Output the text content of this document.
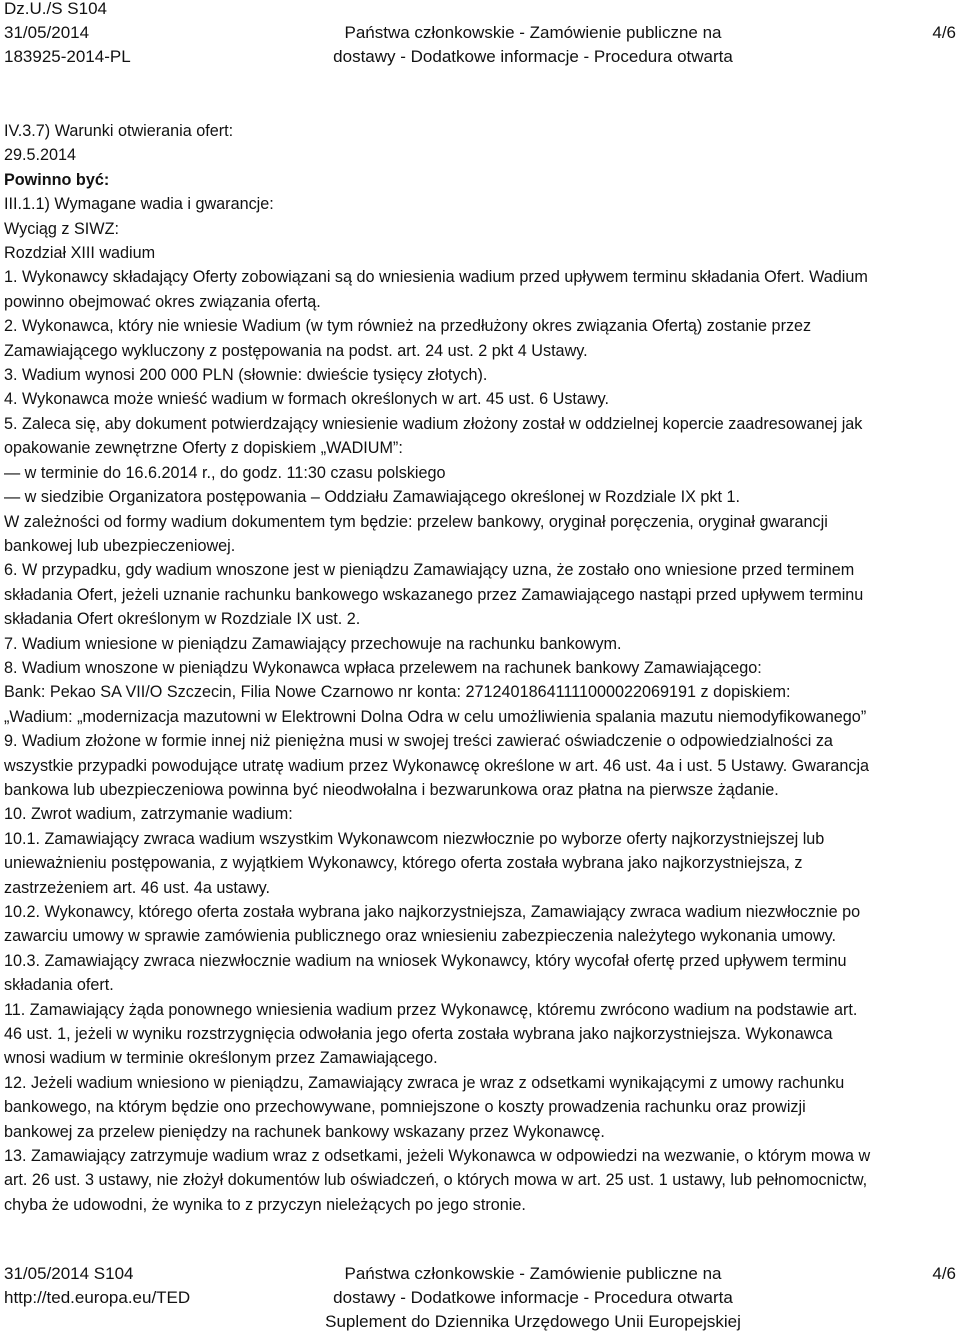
Dz.U./S S104
31/05/2014
183925-2014-PL
Państwa członkowskie - Zamówienie publiczne na
dostawy - Dodatkowe informacje - Procedura otwarta
4/6
IV.3.7) Warunki otwierania ofert:
29.5.2014
Powinno być:
III.1.1) Wymagane wadia i gwarancje:
Wyciąg z SIWZ:
Rozdział XIII wadium
1. Wykonawcy składający Oferty zobowiązani są do wniesienia wadium przed upływem terminu składania Ofert. Wadium
powinno obejmować okres związania ofertą.
2. Wykonawca, który nie wniesie Wadium (w tym również na przedłużony okres związania Ofertą) zostanie przez
Zamawiającego wykluczony z postępowania na podst. art. 24 ust. 2 pkt 4 Ustawy.
3. Wadium wynosi 200 000 PLN (słownie: dwieście tysięcy złotych).
4. Wykonawca może wnieść wadium w formach określonych w art. 45 ust. 6 Ustawy.
5. Zaleca się, aby dokument potwierdzający wniesienie wadium złożony został w oddzielnej kopercie zaadresowanej jak
opakowanie zewnętrzne Oferty z dopiskiem „WADIUM”:
— w terminie do 16.6.2014 r., do godz. 11:30 czasu polskiego
— w siedzibie Organizatora postępowania – Oddziału Zamawiającego określonej w Rozdziale IX pkt 1.
W zależności od formy wadium dokumentem tym będzie: przelew bankowy, oryginał poręczenia, oryginał gwarancji
bankowej lub ubezpieczeniowej.
6. W przypadku, gdy wadium wnoszone jest w pieniądzu Zamawiający uzna, że zostało ono wniesione przed terminem
składania Ofert, jeżeli uznanie rachunku bankowego wskazanego przez Zamawiającego nastąpi przed upływem terminu
składania Ofert określonym w Rozdziale IX ust. 2.
7. Wadium wniesione w pieniądzu Zamawiający przechowuje na rachunku bankowym.
8. Wadium wnoszone w pieniądzu Wykonawca wpłaca przelewem na rachunek bankowy Zamawiającego:
Bank: Pekao SA VII/O Szczecin, Filia Nowe Czarnowo nr konta: 27124018641111000022069191 z dopiskiem:
„Wadium: „modernizacja mazutowni w Elektrowni Dolna Odra w celu umożliwienia spalania mazutu niemodyfikowanego”
9. Wadium złożone w formie innej niż pieniężna musi w swojej treści zawierać oświadczenie o odpowiedzialności za
wszystkie przypadki powodujące utratę wadium przez Wykonawcę określone w art. 46 ust. 4a i ust. 5 Ustawy. Gwarancja
bankowa lub ubezpieczeniowa powinna być nieodwołalna i bezwarunkowa oraz płatna na pierwsze żądanie.
10. Zwrot wadium, zatrzymanie wadium:
10.1. Zamawiający zwraca wadium wszystkim Wykonawcom niezwłocznie po wyborze oferty najkorzystniejszej lub
unieważnieniu postępowania, z wyjątkiem Wykonawcy, którego oferta została wybrana jako najkorzystniejsza, z
zastrzeżeniem art. 46 ust. 4a ustawy.
10.2. Wykonawcy, którego oferta została wybrana jako najkorzystniejsza, Zamawiający zwraca wadium niezwłocznie po
zawarciu umowy w sprawie zamówienia publicznego oraz wniesieniu zabezpieczenia należytego wykonania umowy.
10.3. Zamawiający zwraca niezwłocznie wadium na wniosek Wykonawcy, który wycofał ofertę przed upływem terminu
składania ofert.
11. Zamawiający żąda ponownego wniesienia wadium przez Wykonawcę, któremu zwrócono wadium na podstawie art.
46 ust. 1, jeżeli w wyniku rozstrzygnięcia odwołania jego oferta została wybrana jako najkorzystniejsza. Wykonawca
wnosi wadium w terminie określonym przez Zamawiającego.
12. Jeżeli wadium wniesiono w pieniądzu, Zamawiający zwraca je wraz z odsetkami wynikającymi z umowy rachunku
bankowego, na którym będzie ono przechowywane, pomniejszone o koszty prowadzenia rachunku oraz prowizji
bankowej za przelew pieniędzy na rachunek bankowy wskazany przez Wykonawcę.
13. Zamawiający zatrzymuje wadium wraz z odsetkami, jeżeli Wykonawca w odpowiedzi na wezwanie, o którym mowa w
art. 26 ust. 3 ustawy, nie złożył dokumentów lub oświadczeń, o których mowa w art. 25 ust. 1 ustawy, lub pełnomocnictw,
chyba że udowodni, że wynika to z przyczyn nieleżących po jego stronie.
31/05/2014 S104
http://ted.europa.eu/TED
Państwa członkowskie - Zamówienie publiczne na
dostawy - Dodatkowe informacje - Procedura otwarta
Suplement do Dziennika Urzędowego Unii Europejskiej
4/6
